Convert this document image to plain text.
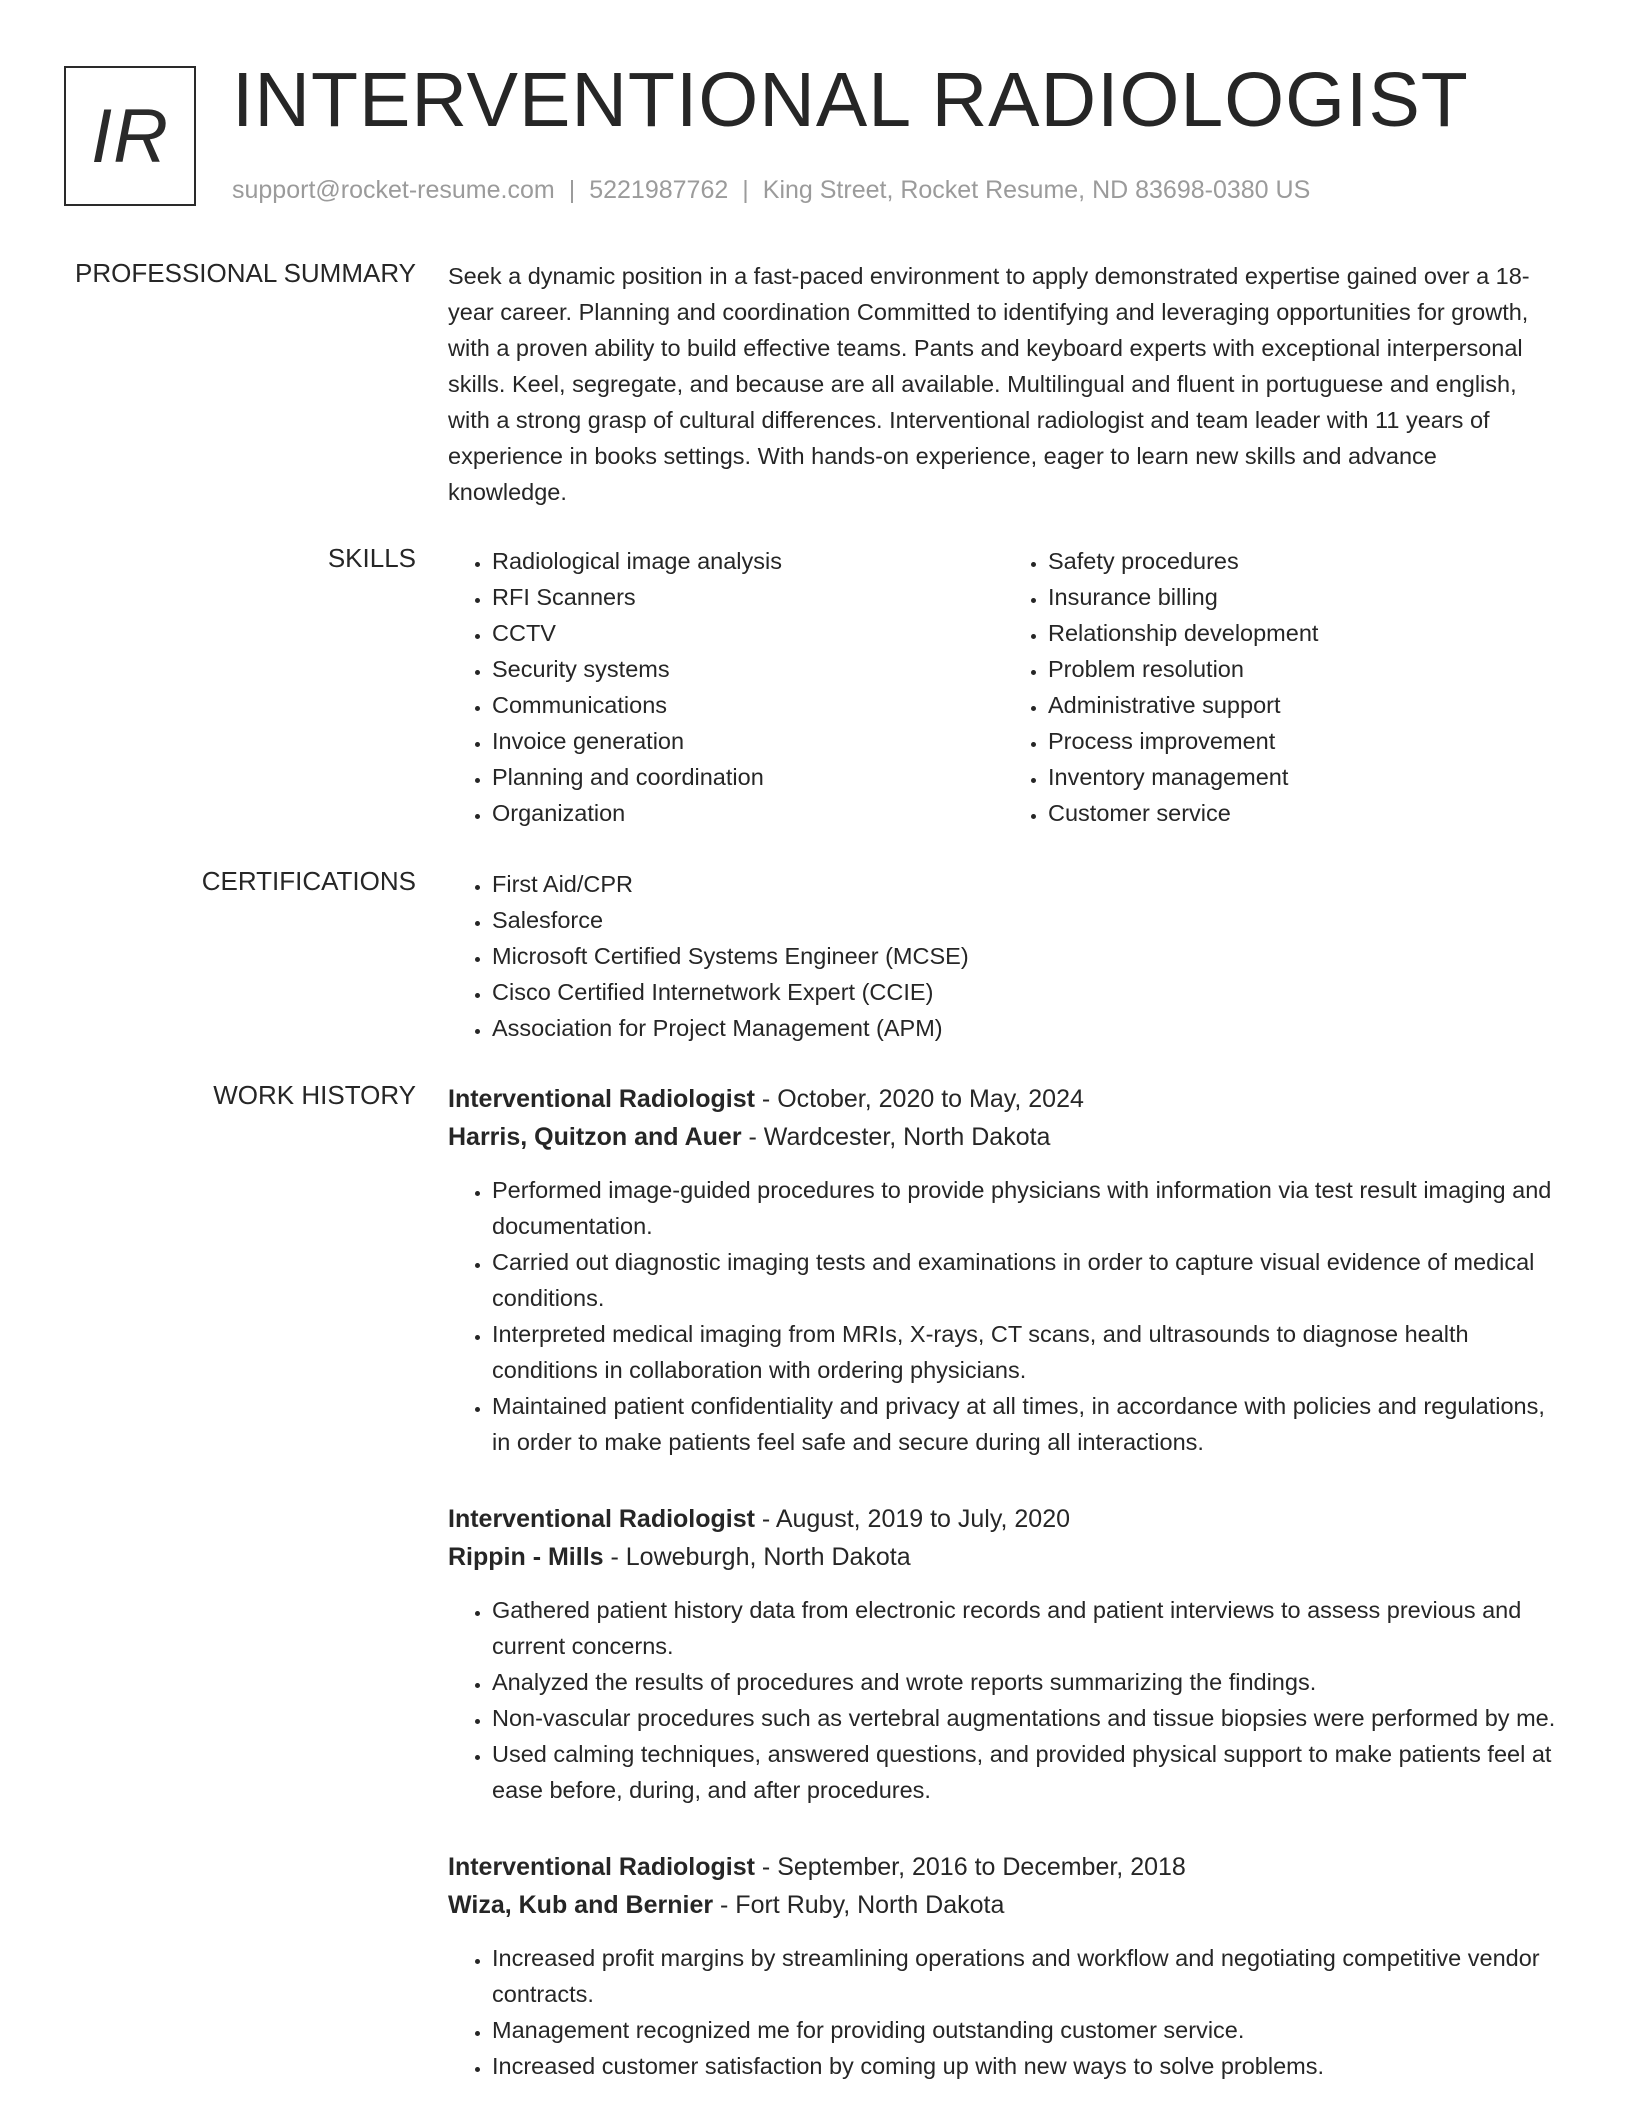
IR INTERVENTIONAL RADIOLOGIST
support@rocket-resume.com | 5221987762 | King Street, Rocket Resume, ND 83698-0380 US
PROFESSIONAL SUMMARY Seek a dynamic position in a fast-paced environment to apply demonstrated expertise gained over a 18-year career. Planning and coordination Committed to identifying and leveraging opportunities for growth, with a proven ability to build effective teams. Pants and keyboard experts with exceptional interpersonal skills. Keel, segregate, and because are all available. Multilingual and fluent in portuguese and english, with a strong grasp of cultural differences. Interventional radiologist and team leader with 11 years of experience in books settings. With hands-on experience, eager to learn new skills and advance knowledge.

SKILLS	• Radiological image analysis
• RFI Scanners
• CCTV
• Security systems
• Communications
• Invoice generation
• Planning and coordination
• Organization
• Safety procedures
• Insurance billing
• Relationship development
• Problem resolution
• Administrative support
• Process improvement
• Inventory management
• Customer service
CERTIFICATIONS	• First Aid/CPR
• Salesforce
• Microsoft Certified Systems Engineer (MCSE)
• Cisco Certified Internetwork Expert (CCIE)
• Association for Project Management (APM)
WORK HISTORY Interventional Radiologist - October, 2020 to May, 2024
Harris, Quitzon and Auer - Wardcester, North Dakota
• Performed image-guided procedures to provide physicians with information via test result imaging and documentation.
• Carried out diagnostic imaging tests and examinations in order to capture visual evidence of medical conditions.
• Interpreted medical imaging from MRIs, X-rays, CT scans, and ultrasounds to diagnose health conditions in collaboration with ordering physicians.
• Maintained patient confidentiality and privacy at all times, in accordance with policies and regulations, in order to make patients feel safe and secure during all interactions.
Interventional Radiologist - August, 2019 to July, 2020
Rippin - Mills - Loweburgh, North Dakota
• Gathered patient history data from electronic records and patient interviews to assess previous and current concerns.
• Analyzed the results of procedures and wrote reports summarizing the findings.
• Non-vascular procedures such as vertebral augmentations and tissue biopsies were performed by me.
• Used calming techniques, answered questions, and provided physical support to make patients feel at ease before, during, and after procedures.
Interventional Radiologist - September, 2016 to December, 2018
Wiza, Kub and Bernier - Fort Ruby, North Dakota
• Increased profit margins by streamlining operations and workflow and negotiating competitive vendor contracts.
• Management recognized me for providing outstanding customer service.
• Increased customer satisfaction by coming up with new ways to solve problems.
